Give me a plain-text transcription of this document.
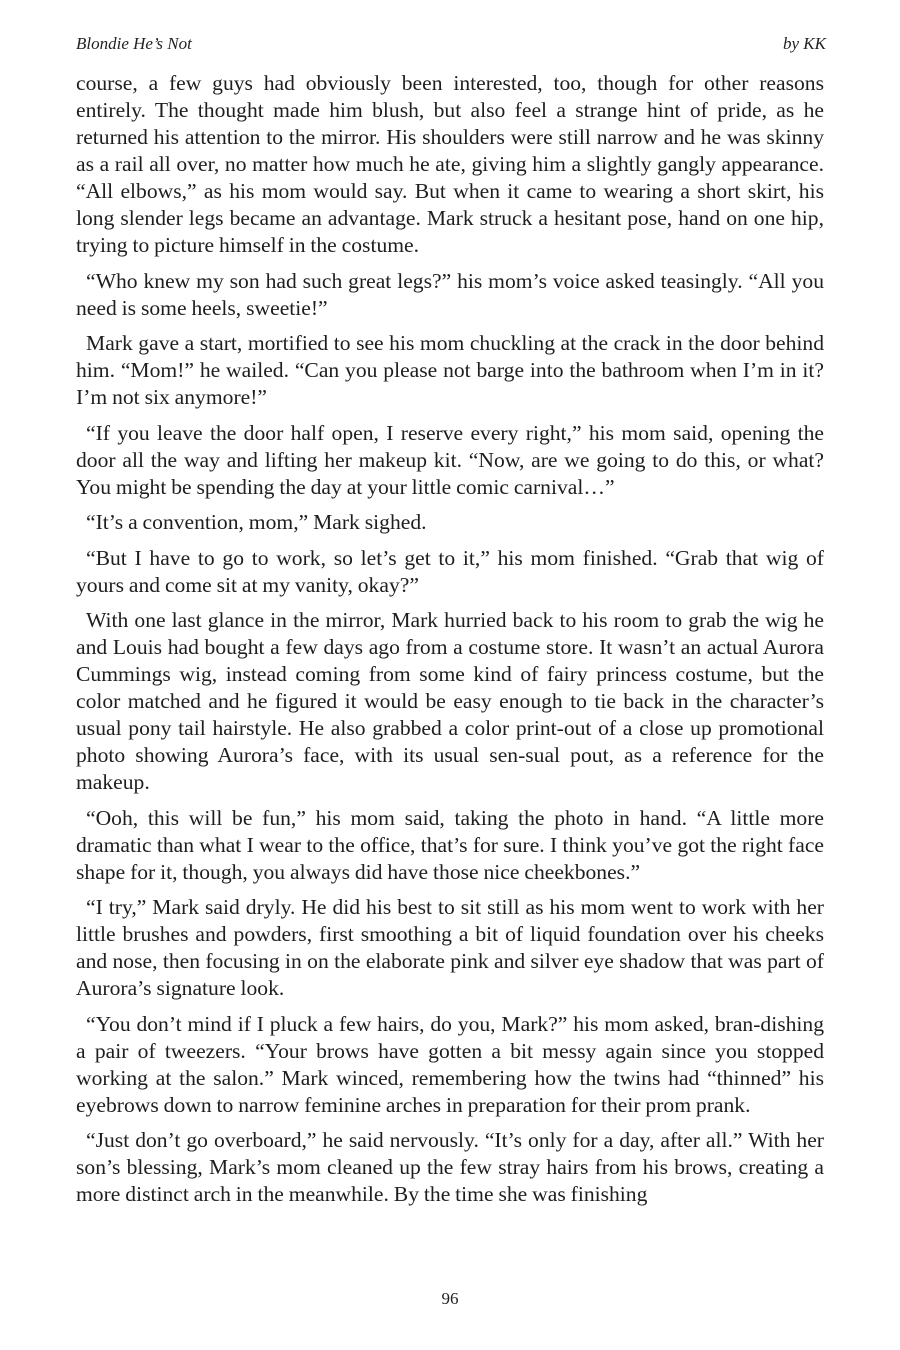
Blondie He’s Not	by KK

course, a few guys had obviously been interested, too, though for other reasons entirely. The thought made him blush, but also feel a strange hint of pride, as he returned his attention to the mirror. His shoulders were still narrow and he was skinny as a rail all over, no matter how much he ate, giving him a slightly gangly appearance. “All elbows,” as his mom would say. But when it came to wearing a short skirt, his long slender legs became an advantage. Mark struck a hesitant pose, hand on one hip, trying to picture himself in the costume.

“Who knew my son had such great legs?” his mom’s voice asked teasingly. “All you need is some heels, sweetie!”

Mark gave a start, mortified to see his mom chuckling at the crack in the door behind him. “Mom!” he wailed. “Can you please not barge into the bathroom when I’m in it? I’m not six anymore!”

“If you leave the door half open, I reserve every right,” his mom said, opening the door all the way and lifting her makeup kit. “Now, are we going to do this, or what? You might be spending the day at your little comic carnival…”

“It’s a convention, mom,” Mark sighed.

“But I have to go to work, so let’s get to it,” his mom finished. “Grab that wig of yours and come sit at my vanity, okay?”

With one last glance in the mirror, Mark hurried back to his room to grab the wig he and Louis had bought a few days ago from a costume store. It wasn’t an actual Aurora Cummings wig, instead coming from some kind of fairy princess costume, but the color matched and he figured it would be easy enough to tie back in the character’s usual pony tail hairstyle. He also grabbed a color print-out of a close up promotional photo showing Aurora’s face, with its usual sen-sual pout, as a reference for the makeup.

“Ooh, this will be fun,” his mom said, taking the photo in hand. “A little more dramatic than what I wear to the office, that’s for sure. I think you’ve got the right face shape for it, though, you always did have those nice cheekbones.”

“I try,” Mark said dryly. He did his best to sit still as his mom went to work with her little brushes and powders, first smoothing a bit of liquid foundation over his cheeks and nose, then focusing in on the elaborate pink and silver eye shadow that was part of Aurora’s signature look.

“You don’t mind if I pluck a few hairs, do you, Mark?” his mom asked, bran-dishing a pair of tweezers. “Your brows have gotten a bit messy again since you stopped working at the salon.” Mark winced, remembering how the twins had “thinned” his eyebrows down to narrow feminine arches in preparation for their prom prank.

“Just don’t go overboard,” he said nervously. “It’s only for a day, after all.” With her son’s blessing, Mark’s mom cleaned up the few stray hairs from his brows, creating a more distinct arch in the meanwhile. By the time she was finishing

96
